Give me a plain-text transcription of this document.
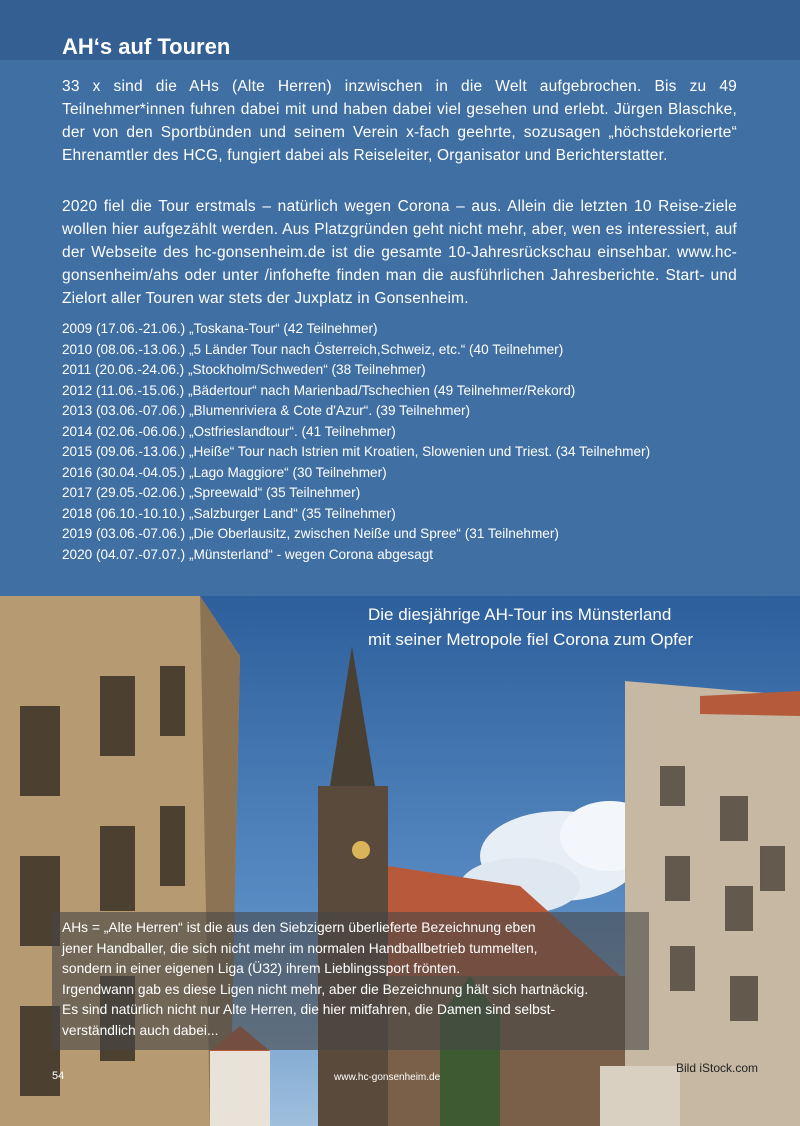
AH‘s auf Touren
33 x sind die AHs (Alte Herren) inzwischen in die Welt aufgebrochen. Bis zu 49 Teilnehmer*innen fuhren dabei mit und haben dabei viel gesehen und erlebt. Jürgen Blaschke, der von den Sportbünden und seinem Verein x-fach geehrte, sozusagen „höchstdekorierte“ Ehrenamtler des HCG, fungiert dabei als Reiseleiter, Organisator und Berichterstatter.
2020 fiel die Tour erstmals – natürlich wegen Corona – aus. Allein die letzten 10 Reise-ziele wollen hier aufgezählt werden. Aus Platzgründen geht nicht mehr, aber, wen es interessiert, auf der Webseite des hc-gonsenheim.de ist die gesamte 10-Jahresrückschau einsehbar. www.hc-gonsenheim/ahs oder unter /infohefte finden man die ausführlichen Jahresberichte. Start- und Zielort aller Touren war stets der Juxplatz in Gonsenheim.
2009 (17.06.-21.06.) „Toskana-Tour“ (42 Teilnehmer)
2010 (08.06.-13.06.) „5 Länder Tour nach Österreich,Schweiz, etc.“ (40 Teilnehmer)
2011 (20.06.-24.06.) „Stockholm/Schweden“ (38 Teilnehmer)
2012 (11.06.-15.06.) „Bädertour“ nach Marienbad/Tschechien (49 Teilnehmer/Rekord)
2013 (03.06.-07.06.) „Blumenriviera & Cote d'Azur“. (39 Teilnehmer)
2014 (02.06.-06.06.) „Ostfrieslandtour“. (41 Teilnehmer)
2015 (09.06.-13.06.) „Heiße“ Tour nach Istrien mit Kroatien, Slowenien und Triest. (34 Teilnehmer)
2016 (30.04.-04.05.) „Lago Maggiore“ (30 Teilnehmer)
2017 (29.05.-02.06.) „Spreewald“ (35 Teilnehmer)
2018 (06.10.-10.10.) „Salzburger Land“ (35 Teilnehmer)
2019 (03.06.-07.06.) „Die Oberlausitz, zwischen Neiße und Spree“ (31 Teilnehmer)
2020 (04.07.-07.07.) „Münsterland“ - wegen Corona abgesagt
Die diesjährige AH-Tour ins Münsterland
mit seiner Metropole fiel Corona zum Opfer
AHs = „Alte Herren“ ist die aus den Siebzigern überlieferte Bezeichnung eben
jener Handballer, die sich nicht mehr im normalen Handballbetrieb tummelten,
sondern in einer eigenen Liga (Ü32) ihrem Lieblingssport frönten.
Irgendwann gab es diese Ligen nicht mehr, aber die Bezeichnung hält sich hartnäckig.
Es sind natürlich nicht nur Alte Herren, die hier mitfahren, die Damen sind selbst-
verständlich auch dabei...
54	www.hc-gonsenheim.de
Bild iStock.com
